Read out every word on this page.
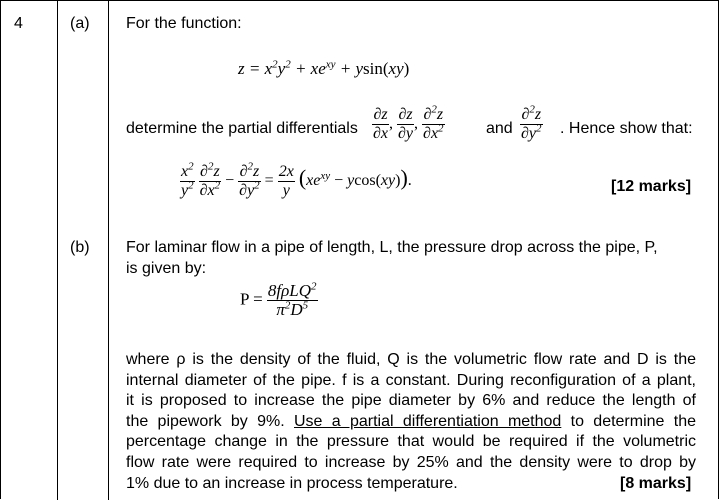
4	(a) For the function:
$z = x^2y^2 + xe^{xy} + ysin(xy)$
determine the partial differentials $\frac{\partial z}{\partial x}$ , $\frac{\partial z}{\partial y}$ , $\frac{\partial^2z}{\partial x^2}$	and $\frac{\partial^2z}{\partial y^2}$ . Hence show that:
$\frac{x^2}{y^2}$
$\frac{\partial^2z}{\partial x^2} - \frac{\partial^2z}{\partial y^2} = \frac{2x}{y} (xe^{xy} - ycos(xy))$.	[12 marks]
(b) For laminar flow in a pipe of length, L, the pressure drop across the pipe, P,
is given by:
$P = \frac{8f\rho LQ^2}{\pi^2D^5}$
where ρ is the density of the fluid, Q is the volumetric flow rate and D is the
internal diameter of the pipe. f is a constant. During reconfiguration of a plant,
it is proposed to increase the pipe diameter by 6% and reduce the length of
the pipework by 9%. Use a partial differentiation method to determine the
percentage change in the pressure that would be required if the volumetric
flow rate were required to increase by 25% and the density were to drop by
1% due to an increase in process temperature.	[8 marks]
